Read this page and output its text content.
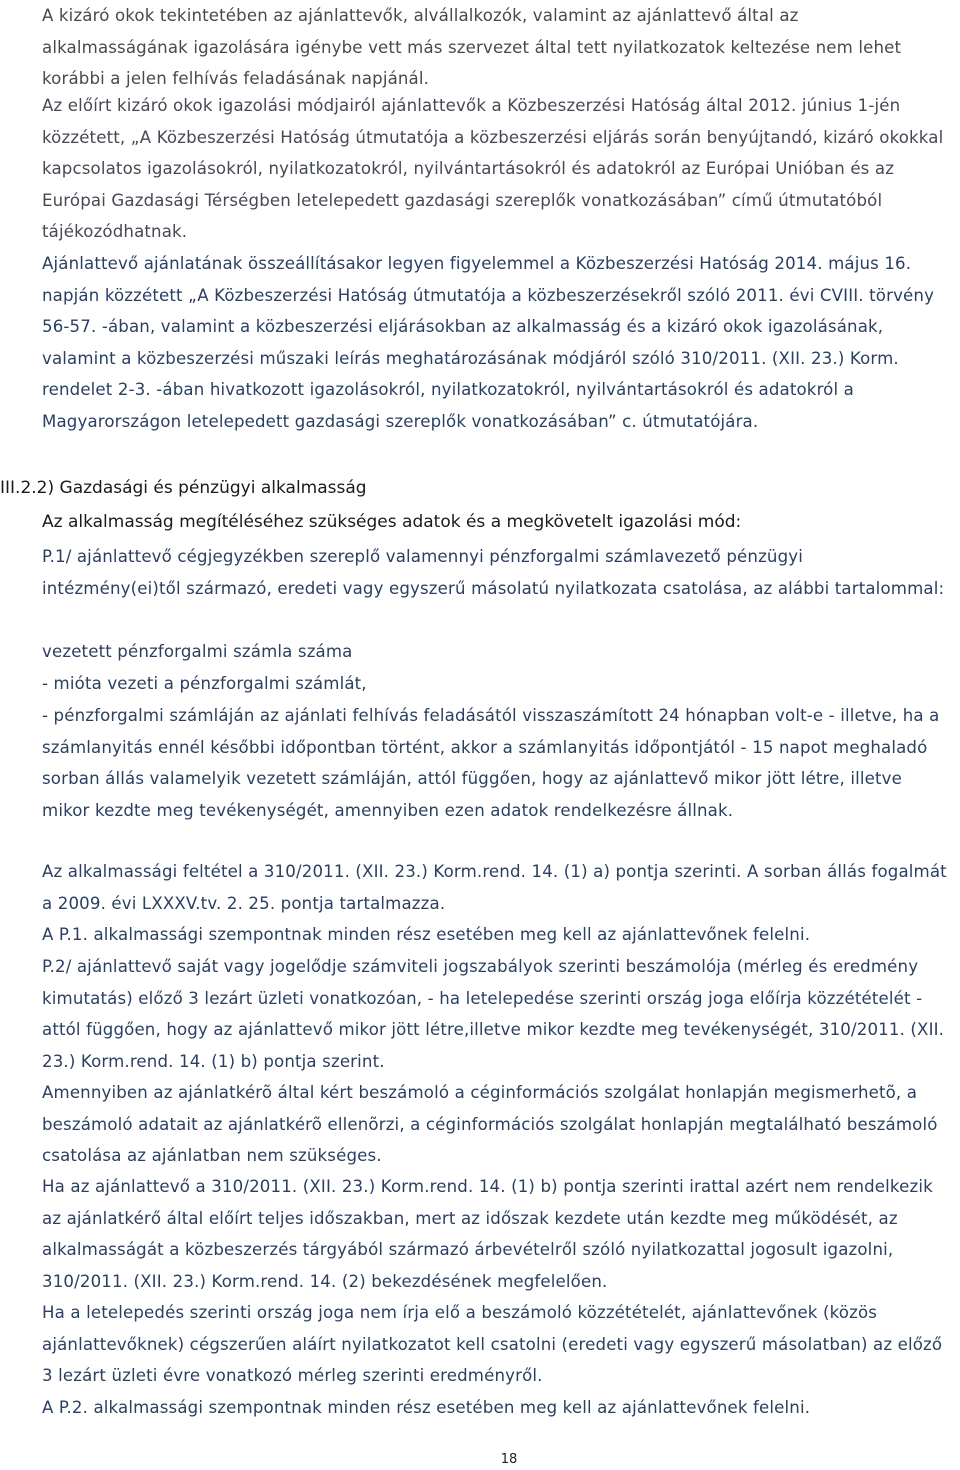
A kizáró okok tekintetében az ajánlattevők, alvállalkozók, valamint az ajánlattevő által az alkalmasságának igazolására igénybe vett más szervezet által tett nyilatkozatok keltezése nem lehet korábbi a jelen felhívás feladásának napjánál.

Az előírt kizáró okok igazolási módjairól ajánlattevők a Közbeszerzési Hatóság által 2012. június 1-jén közzétett, „A Közbeszerzési Hatóság útmutatója a közbeszerzési eljárás során benyújtandó, kizáró okokkal kapcsolatos igazolásokról, nyilatkozatokról, nyilvántartásokról és adatokról az Európai Unióban és az Európai Gazdasági Térségben letelepedett gazdasági szereplők vonatkozásában” című útmutatóból tájékozódhatnak.

Ajánlattevő ajánlatának összeállításakor legyen figyelemmel a Közbeszerzési Hatóság 2014. május 16. napján közzétett „A Közbeszerzési Hatóság útmutatója a közbeszerzésekről szóló 2011. évi CVIII. törvény 56-57. -ában, valamint a közbeszerzési eljárásokban az alkalmasság és a kizáró okok igazolásának, valamint a közbeszerzési műszaki leírás meghatározásának módjáról szóló 310/2011. (XII. 23.) Korm. rendelet 2-3. -ában hivatkozott igazolásokról, nyilatkozatokról, nyilvántartásokról és adatokról a Magyarországon letelepedett gazdasági szereplők vonatkozásában” c. útmutatójára.

III.2.2) Gazdasági és pénzügyi alkalmasság
Az alkalmasság megítéléséhez szükséges adatok és a megkövetelt igazolási mód:

P.1/ ajánlattevő cégjegyzékben szereplő valamennyi pénzforgalmi számlavezető pénzügyi intézmény(ei)től származó, eredeti vagy egyszerű másolatú nyilatkozata csatolása, az alábbi tartalommal:

vezetett pénzforgalmi számla száma

- mióta vezeti a pénzforgalmi számlát,

- pénzforgalmi számláján az ajánlati felhívás feladásától visszaszámított 24 hónapban volt-e - illetve, ha a számlanyitás ennél későbbi időpontban történt, akkor a számlanyitás időpontjától - 15 napot meghaladó sorban állás valamelyik vezetett számláján, attól függően, hogy az ajánlattevő mikor jött létre, illetve mikor kezdte meg tevékenységét, amennyiben ezen adatok rendelkezésre állnak.

Az alkalmassági feltétel a 310/2011. (XII. 23.) Korm.rend. 14. (1) a) pontja szerinti. A sorban állás fogalmát a 2009. évi LXXXV.tv. 2. 25. pontja tartalmazza.

A P.1. alkalmassági szempontnak minden rész esetében meg kell az ajánlattevőnek felelni.

P.2/ ajánlattevő saját vagy jogelődje számviteli jogszabályok szerinti beszámolója (mérleg és eredmény kimutatás) előző 3 lezárt üzleti vonatkozóan, - ha letelepedése szerinti ország joga előírja közzétételét - attól függően, hogy az ajánlattevő mikor jött létre,illetve mikor kezdte meg tevékenységét, 310/2011. (XII. 23.) Korm.rend. 14. (1) b) pontja szerint.

Amennyiben az ajánlatkérõ által kért beszámoló a céginformációs szolgálat honlapján megismerhetõ, a beszámoló adatait az ajánlatkérõ ellenõrzi, a céginformációs szolgálat honlapján megtalálható beszámoló csatolása az ajánlatban nem szükséges.

Ha az ajánlattevő a 310/2011. (XII. 23.) Korm.rend. 14. (1) b) pontja szerinti irattal azért nem rendelkezik az ajánlatkérő által előírt teljes időszakban, mert az időszak kezdete után kezdte meg működését, az alkalmasságát a közbeszerzés tárgyából származó árbevételről szóló nyilatkozattal jogosult igazolni, 310/2011. (XII. 23.) Korm.rend. 14. (2) bekezdésének megfelelően.

Ha a letelepedés szerinti ország joga nem írja elő a beszámoló közzétételét, ajánlattevőnek (közös ajánlattevőknek) cégszerűen aláírt nyilatkozatot kell csatolni (eredeti vagy egyszerű másolatban) az előző 3 lezárt üzleti évre vonatkozó mérleg szerinti eredményről.

A P.2. alkalmassági szempontnak minden rész esetében meg kell az ajánlattevőnek felelni.

18
